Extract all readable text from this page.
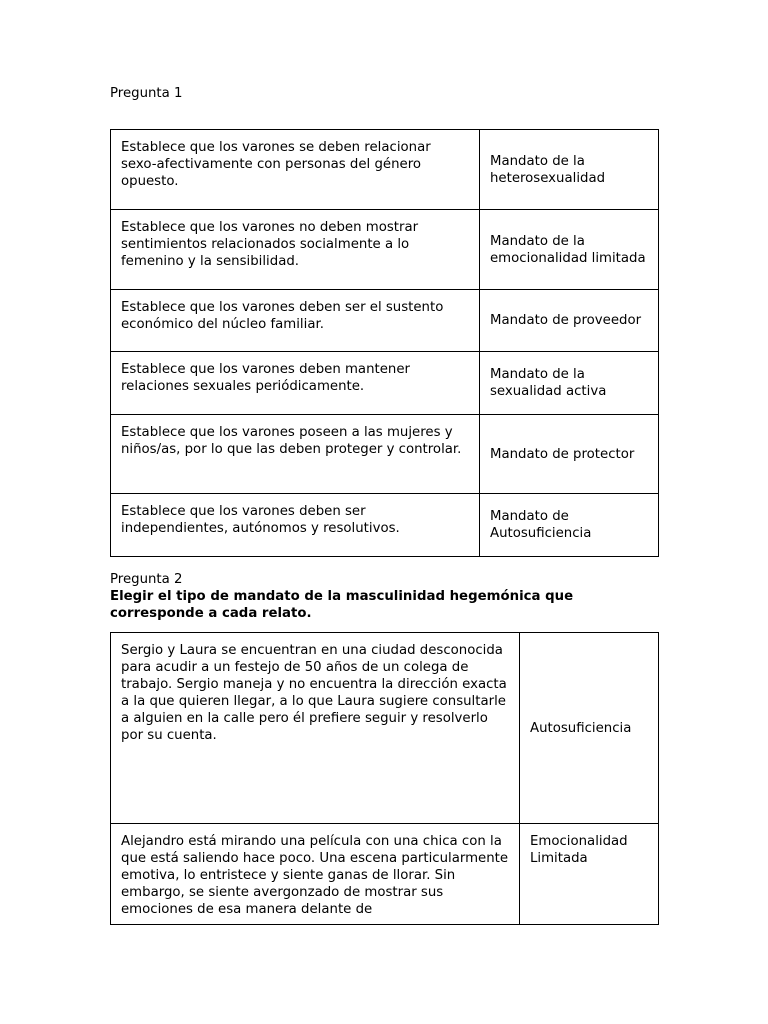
Pregunta 1
Establece que los varones se deben relacionar sexo-afectivamente con personas del género opuesto.	Mandato de la heterosexualidad
Establece que los varones no deben mostrar sentimientos relacionados socialmente a lo femenino y la sensibilidad.	Mandato de la emocionalidad limitada
Establece que los varones deben ser el sustento económico del núcleo familiar.	Mandato de proveedor
Establece que los varones deben mantener relaciones sexuales periódicamente.	Mandato de la sexualidad activa
Establece que los varones poseen a las mujeres y niños/as, por lo que las deben proteger y controlar.	Mandato de protector
Establece que los varones deben ser independientes, autónomos y resolutivos.	Mandato de Autosuficiencia
Pregunta 2
Elegir el tipo de mandato de la masculinidad hegemónica que corresponde a cada relato.
Sergio y Laura se encuentran en una ciudad desconocida para acudir a un festejo de 50 años de un colega de trabajo. Sergio maneja y no encuentra la dirección exacta a la que quieren llegar, a lo que Laura sugiere consultarle a alguien en la calle pero él prefiere seguir y resolverlo por su cuenta.	Autosuficiencia

Alejandro está mirando una película con una chica con la que está saliendo hace poco. Una escena particularmente emotiva, lo entristece y siente ganas de llorar. Sin embargo, se siente avergonzado de mostrar sus emociones de esa manera delante de	Emocionalidad Limitada
